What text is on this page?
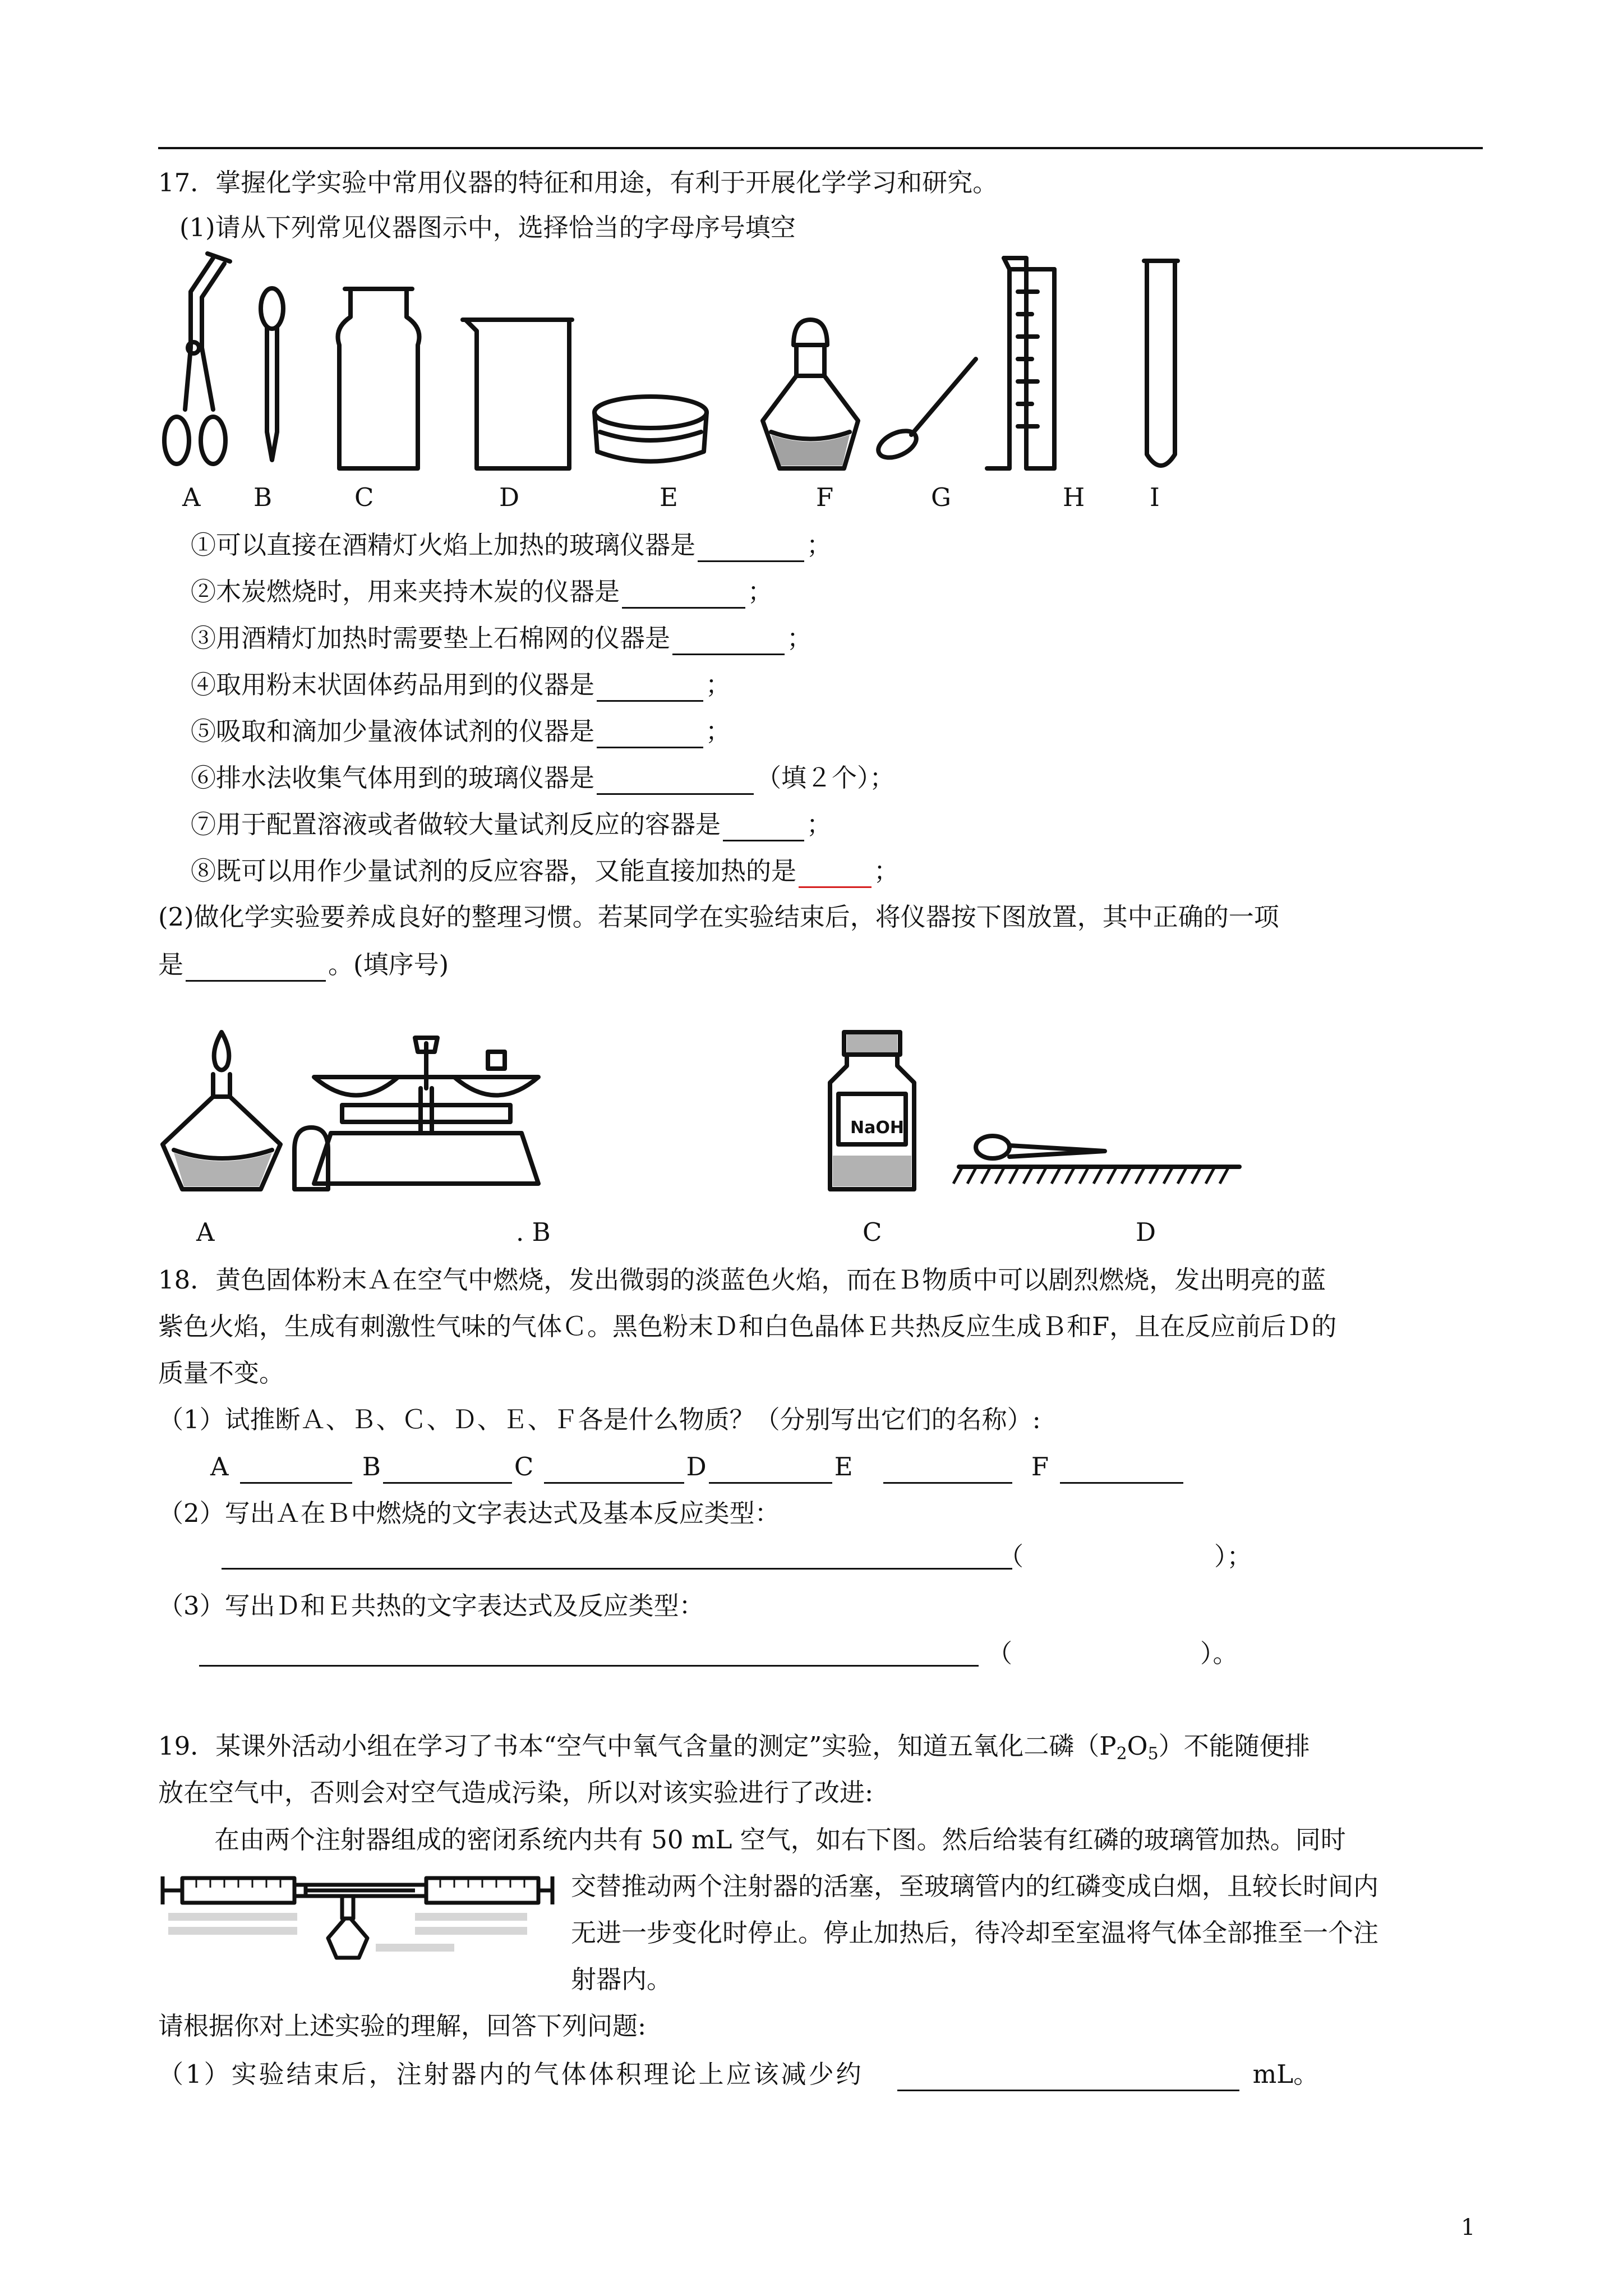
17．掌握化学实验中常用仪器的特征和用途，有利于开展化学学习和研究。
(1)请从下列常见仪器图示中，选择恰当的字母序号填空
A B	C	D	E	F	G	H	I
①可以直接在酒精灯火焰上加热的玻璃仪器是	；
②木炭燃烧时，用来夹持木炭的仪器是	；
③用酒精灯加热时需要垫上石棉网的仪器是	；
④取用粉末状固体药品用到的仪器是	；
⑤吸取和滴加少量液体试剂的仪器是	；
⑥排水法收集气体用到的玻璃仪器是	（填２个）；
⑦用于配置溶液或者做较大量试剂反应的容器是	；
⑧既可以用作少量试剂的反应容器，又能直接加热的是	；
(2)做化学实验要养成良好的整理习惯。若某同学在实验结束后，将仪器按下图放置，其中正确的一项
是	。(填序号)
NaOH
A	. B	C	D
18．黄色固体粉末Ａ在空气中燃烧，发出微弱的淡蓝色火焰，而在Ｂ物质中可以剧烈燃烧，发出明亮的蓝
紫色火焰，生成有刺激性气味的气体Ｃ。黑色粉末Ｄ和白色晶体Ｅ共热反应生成Ｂ和F，且在反应前后Ｄ的
质量不变。
（1）试推断Ａ、Ｂ、Ｃ、Ｄ、Ｅ、Ｆ各是什么物质？（分别写出它们的名称）:
A	B	C	D	E	F
（2）写出Ａ在Ｂ中燃烧的文字表达式及基本反应类型：
（	）；
（3）写出Ｄ和Ｅ共热的文字表达式及反应类型：
（	）。
19．某课外活动小组在学习了书本“空气中氧气含量的测定”实验，知道五氧化二磷$(P_2O_5)$不能随便排
放在空气中，否则会对空气造成污染，所以对该实验进行了改进:
在由两个注射器组成的密闭系统内共有 50 mL 空气，如右下图。然后给装有红磷的玻璃管加热。同时
交替推动两个注射器的活塞，至玻璃管内的红磷变成白烟，且较长时间内
无进一步变化时停止。停止加热后，待冷却至室温将气体全部推至一个注
射器内。
请根据你对上述实验的理解，回答下列问题:
（1）实验结束后，注射器内的气体体积理论上应该减少约	mL。
1
